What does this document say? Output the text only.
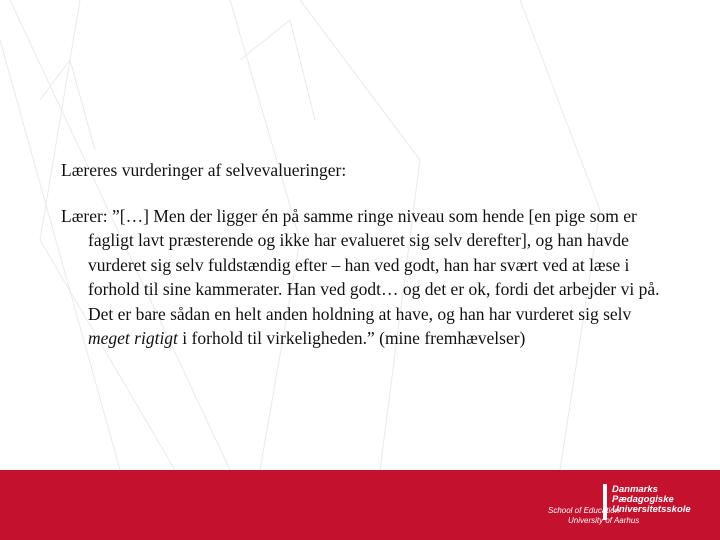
Læreres vurderinger af selvevalueringer:

Lærer: ”[…] Men der ligger én på samme ringe niveau som hende [en pige som er fagligt lavt præsterende og ikke har evalueret sig selv derefter], og han havde vurderet sig selv fuldstændig efter – han ved godt, han har svært ved at læse i forhold til sine kammerater. Han ved godt… og det er ok, fordi det arbejder vi på. Det er bare sådan en helt anden holdning at have, og han har vurderet sig selv meget rigtigt i forhold til virkeligheden.” (mine fremhævelser)

Danmarks
Pædagogiske
Universitetsskole
School of Education
University of Aarhus
